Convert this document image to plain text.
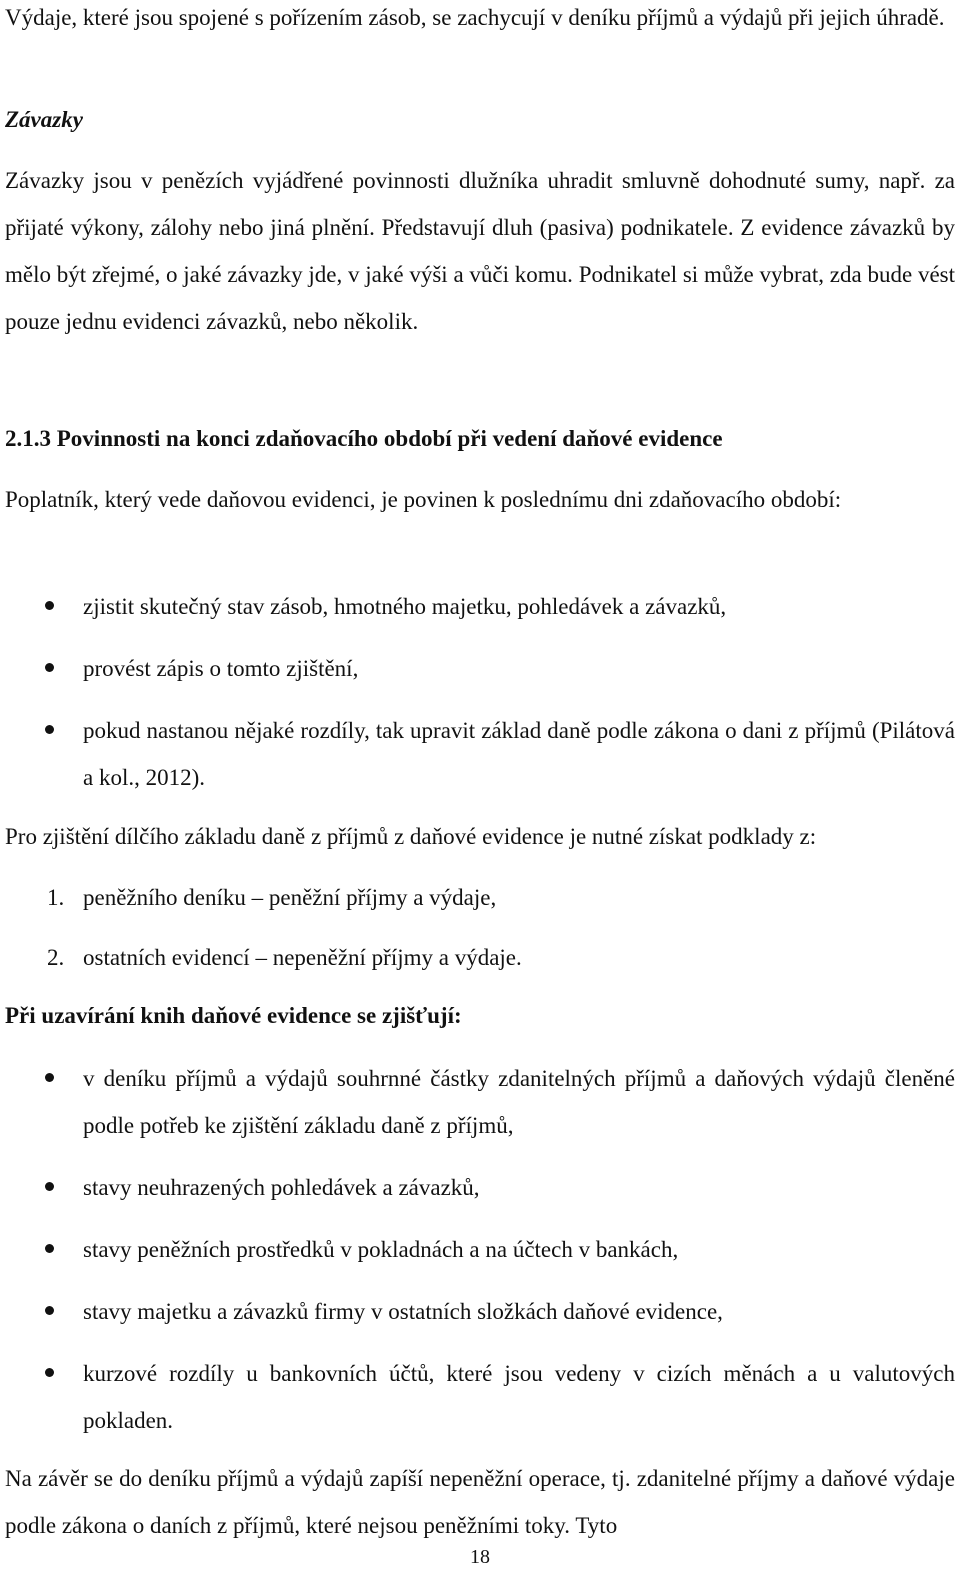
Výdaje, které jsou spojené s pořízením zásob, se zachycují v deníku příjmů a výdajů při jejich úhradě.

Závazky

Závazky jsou v penězích vyjádřené povinnosti dlužníka uhradit smluvně dohodnuté sumy, např. za přijaté výkony, zálohy nebo jiná plnění. Představují dluh (pasiva) podnikatele. Z evidence závazků by mělo být zřejmé, o jaké závazky jde, v jaké výši a vůči komu. Podnikatel si může vybrat, zda bude vést pouze jednu evidenci závazků, nebo několik.

2.1.3 Povinnosti na konci zdaňovacího období při vedení daňové evidence

Poplatník, který vede daňovou evidenci, je povinen k poslednímu dni zdaňovacího období:

zjistit skutečný stav zásob, hmotného majetku, pohledávek a závazků,
provést zápis o tomto zjištění,
pokud nastanou nějaké rozdíly, tak upravit základ daně podle zákona o dani z příjmů (Pilátová a kol., 2012).

Pro zjištění dílčího základu daně z příjmů z daňové evidence je nutné získat podklady z:

1. peněžního deníku – peněžní příjmy a výdaje,
2. ostatních evidencí – nepeněžní příjmy a výdaje.

Při uzavírání knih daňové evidence se zjišťují:

v deníku příjmů a výdajů souhrnné částky zdanitelných příjmů a daňových výdajů členěné podle potřeb ke zjištění základu daně z příjmů,
stavy neuhrazených pohledávek a závazků,
stavy peněžních prostředků v pokladnách a na účtech v bankách,
stavy majetku a závazků firmy v ostatních složkách daňové evidence,
kurzové rozdíly u bankovních účtů, které jsou vedeny v cizích měnách a u valutových pokladen.

Na závěr se do deníku příjmů a výdajů zapíší nepeněžní operace, tj. zdanitelné příjmy a daňové výdaje podle zákona o daních z příjmů, které nejsou peněžními toky. Tyto

18
